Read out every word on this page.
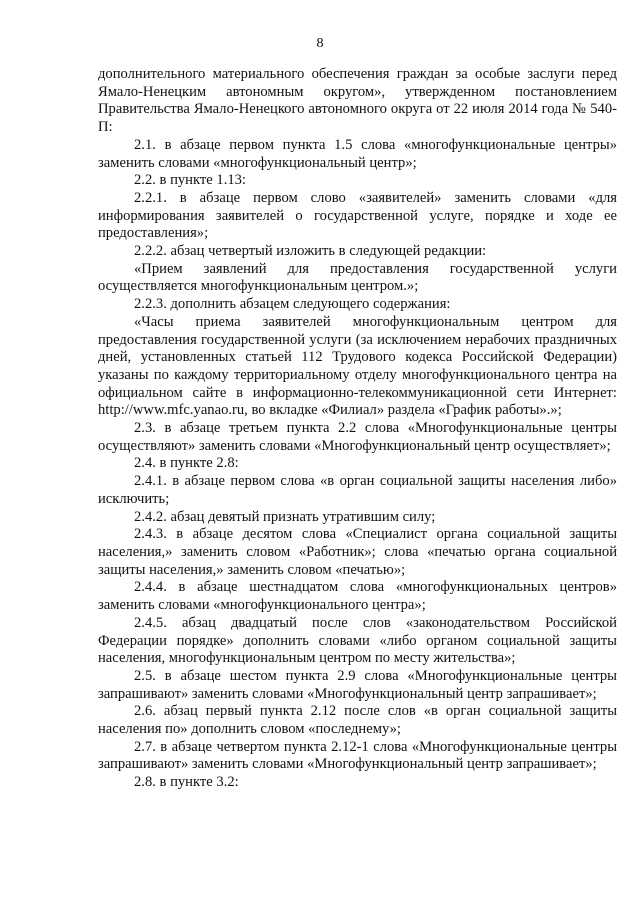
8

дополнительного материального обеспечения граждан за особые заслуги перед Ямало-Ненецким автономным округом», утвержденном постановлением Правительства Ямало-Ненецкого автономного округа от 22 июля 2014 года № 540-П:

2.1. в абзаце первом пункта 1.5 слова «многофункциональные центры» заменить словами «многофункциональный центр»;

2.2. в пункте 1.13:

2.2.1. в абзаце первом слово «заявителей» заменить словами «для информирования заявителей о государственной услуге, порядке и ходе ее предоставления»;

2.2.2. абзац четвертый изложить в следующей редакции:

«Прием заявлений для предоставления государственной услуги осуществляется многофункциональным центром.»;

2.2.3. дополнить абзацем следующего содержания:

«Часы приема заявителей многофункциональным центром для предоставления государственной услуги (за исключением нерабочих праздничных дней, установленных статьей 112 Трудового кодекса Российской Федерации) указаны по каждому территориальному отделу многофункционального центра на официальном сайте в информационно-телекоммуникационной сети Интернет: http://www.mfc.yanao.ru, во вкладке «Филиал» раздела «График работы».»;

2.3. в абзаце третьем пункта 2.2 слова «Многофункциональные центры осуществляют» заменить словами «Многофункциональный центр осуществляет»;

2.4. в пункте 2.8:

2.4.1. в абзаце первом слова «в орган социальной защиты населения либо» исключить;

2.4.2. абзац девятый признать утратившим силу;

2.4.3. в абзаце десятом слова «Специалист органа социальной защиты населения,» заменить словом «Работник»; слова «печатью органа социальной защиты населения,» заменить словом «печатью»;

2.4.4. в абзаце шестнадцатом слова «многофункциональных центров» заменить словами «многофункционального центра»;

2.4.5. абзац двадцатый после слов «законодательством Российской Федерации порядке» дополнить словами «либо органом социальной защиты населения, многофункциональным центром по месту жительства»;

2.5. в абзаце шестом пункта 2.9 слова «Многофункциональные центры запрашивают» заменить словами «Многофункциональный центр запрашивает»;

2.6. абзац первый пункта 2.12 после слов «в орган социальной защиты населения по» дополнить словом «последнему»;

2.7. в абзаце четвертом пункта 2.12-1 слова «Многофункциональные центры запрашивают» заменить словами «Многофункциональный центр запрашивает»;

2.8. в пункте 3.2:
